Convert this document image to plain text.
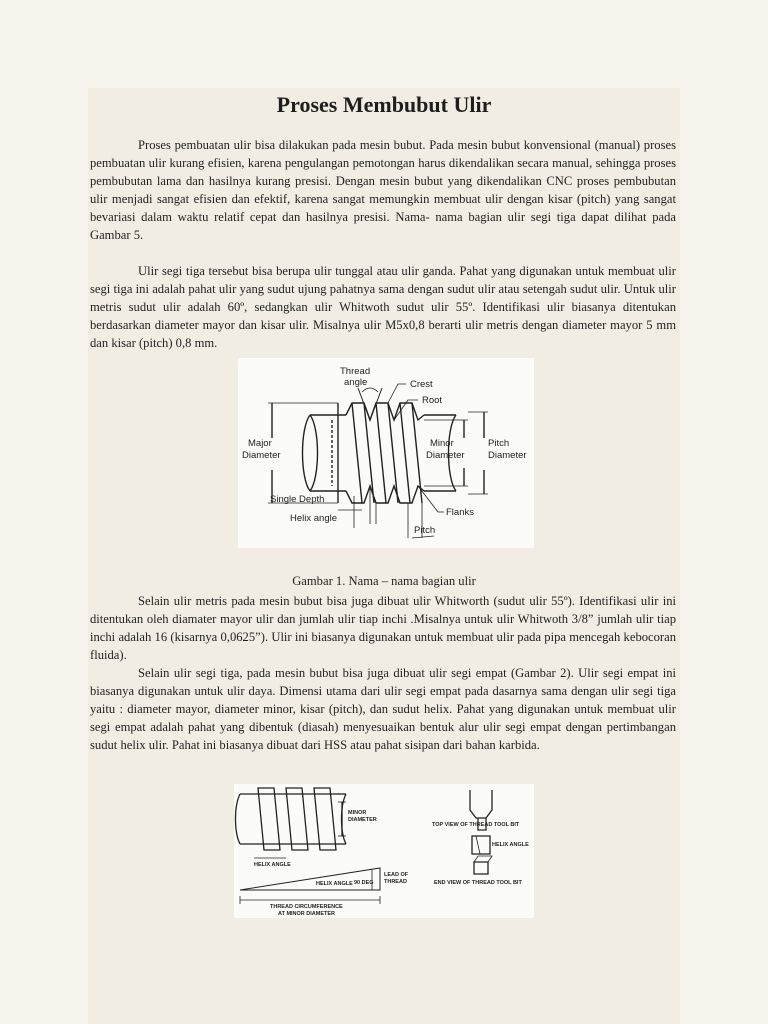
Proses Membubut Ulir

Proses pembuatan ulir bisa dilakukan pada mesin bubut. Pada mesin bubut konvensional (manual) proses pembuatan ulir kurang efisien, karena pengulangan pemotongan harus dikendalikan secara manual, sehingga proses pembubutan lama dan hasilnya kurang presisi. Dengan mesin bubut yang dikendalikan CNC proses pembubutan ulir menjadi sangat efisien dan efektif, karena sangat memungkin membuat ulir dengan kisar (pitch) yang sangat bevariasi dalam waktu relatif cepat dan hasilnya presisi. Nama- nama bagian ulir segi tiga dapat dilihat pada Gambar 5.

Ulir segi tiga tersebut bisa berupa ulir tunggal atau ulir ganda. Pahat yang digunakan untuk membuat ulir segi tiga ini adalah pahat ulir yang sudut ujung pahatnya sama dengan sudut ulir atau setengah sudut ulir. Untuk ulir metris sudut ulir adalah 60º, sedangkan ulir Whitwoth sudut ulir 55º. Identifikasi ulir biasanya ditentukan berdasarkan diameter mayor dan kisar ulir. Misalnya ulir M5x0,8 berarti ulir metris dengan diameter mayor 5 mm dan kisar (pitch) 0,8 mm.

Thread
angle	Crest
Root
Major
Diameter
Minor
Diameter
Pitch
Diameter
Single Depth
Helix angle
Flanks
Pitch
Gambar 1. Nama – nama bagian ulir

Selain ulir metris pada mesin bubut bisa juga dibuat ulir Whitworth (sudut ulir 55º). Identifikasi ulir ini ditentukan oleh diamater mayor ulir dan jumlah ulir tiap inchi .Misalnya untuk ulir Whitwoth 3/8” jumlah ulir tiap inchi adalah 16 (kisarnya 0,0625”). Ulir ini biasanya digunakan untuk membuat ulir pada pipa mencegah kebocoran fluida).

Selain ulir segi tiga, pada mesin bubut bisa juga dibuat ulir segi empat (Gambar 2). Ulir segi empat ini biasanya digunakan untuk ulir daya. Dimensi utama dari ulir segi empat pada dasarnya sama dengan ulir segi tiga yaitu : diameter mayor, diameter minor, kisar (pitch), dan sudut helix. Pahat yang digunakan untuk membuat ulir segi empat adalah pahat yang dibentuk (diasah) menyesuaikan bentuk alur ulir segi empat dengan pertimbangan sudut helix ulir. Pahat ini biasanya dibuat dari HSS atau pahat sisipan dari bahan karbida.

MINOR
DIAMETER
HELIX ANGLE
HELIX ANGLE 90 DEG
LEAD OF
THREAD
THREAD CIRCUMFERENCE
AT MINOR DIAMETER
TOP VIEW OF THREAD TOOL BIT
HELIX ANGLE
END VIEW OF THREAD TOOL BIT
